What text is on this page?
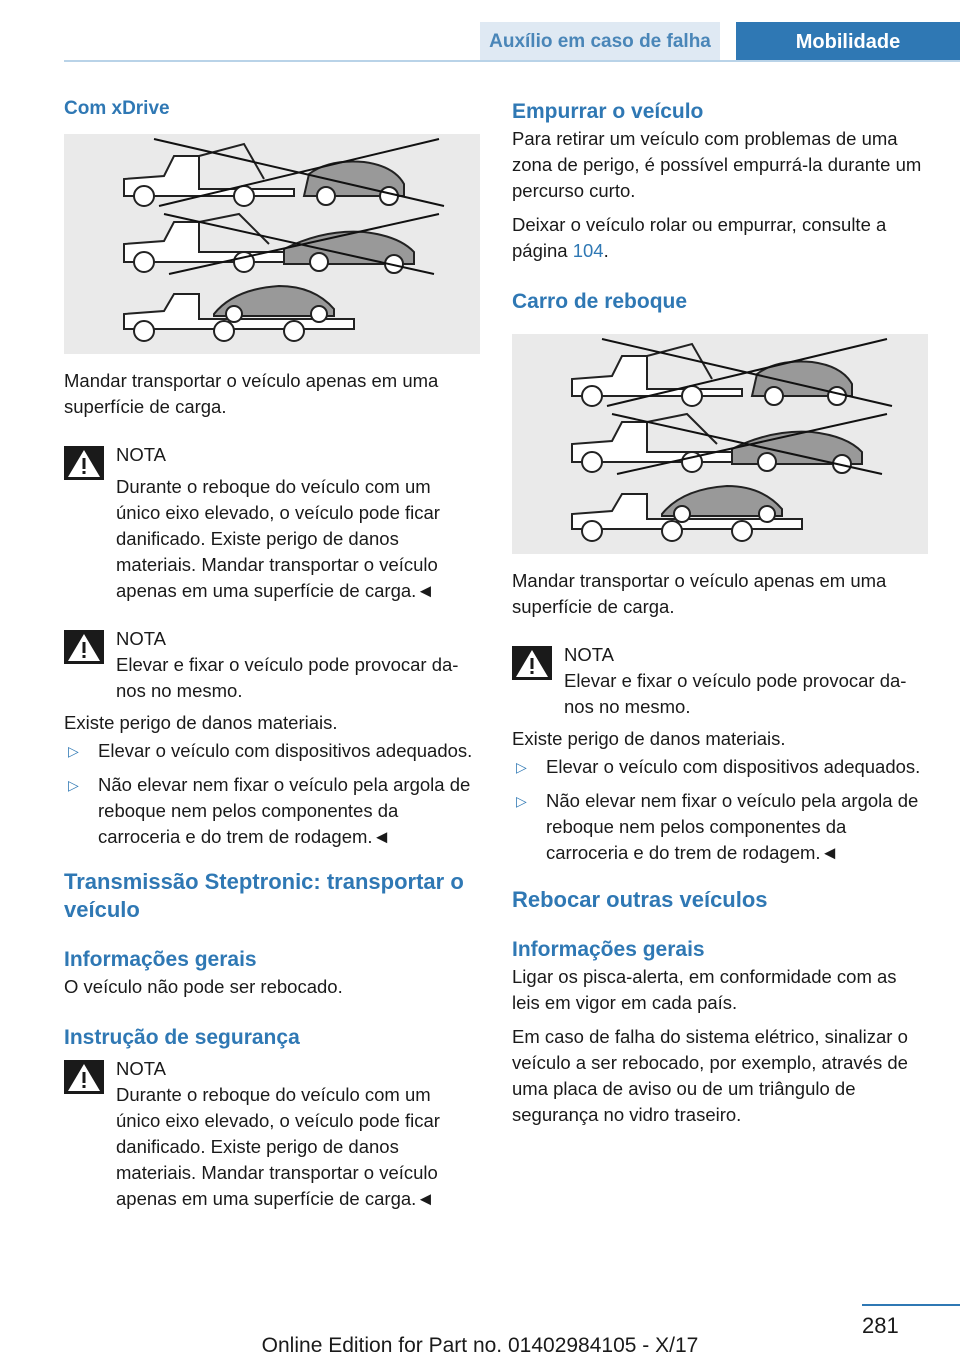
Auxílio em caso de falha	Mobilidade
Com xDrive

Mandar transportar o veículo apenas em uma superfície de carga.

NOTA

Durante o reboque do veículo com um único eixo elevado, o veículo pode ficar danificado. Existe perigo de danos materiais. Mandar transportar o veículo apenas em uma superfície de carga.◄

NOTA

Elevar e fixar o veículo pode provocar danos no mesmo.

Existe perigo de danos materiais.

▷ Elevar o veículo com dispositivos adequados.
▷ Não elevar nem fixar o veículo pela argola de reboque nem pelos componentes da carroceria e do trem de rodagem.◄
Transmissão Steptronic: transportar o veículo
Informações gerais

O veículo não pode ser rebocado.

Instrução de segurança
NOTA

Durante o reboque do veículo com um único eixo elevado, o veículo pode ficar danificado. Existe perigo de danos materiais. Mandar transportar o veículo apenas em uma superfície de carga.◄

Empurrar o veículo

Para retirar um veículo com problemas de uma zona de perigo, é possível empurrá-la durante um percurso curto.

Deixar o veículo rolar ou empurrar, consulte a página 104.

Carro de reboque

Mandar transportar o veículo apenas em uma superfície de carga.

NOTA

Elevar e fixar o veículo pode provocar danos no mesmo.

Existe perigo de danos materiais.

▷ Elevar o veículo com dispositivos adequados.
▷ Não elevar nem fixar o veículo pela argola de reboque nem pelos componentes da carroceria e do trem de rodagem.◄
Rebocar outras veículos
Informações gerais

Ligar os pisca-alerta, em conformidade com as leis em vigor em cada país.

Em caso de falha do sistema elétrico, sinalizar o veículo a ser rebocado, por exemplo, através de uma placa de aviso ou de um triângulo de segurança no vidro traseiro.

281
Online Edition for Part no. 01402984105 - X/17
